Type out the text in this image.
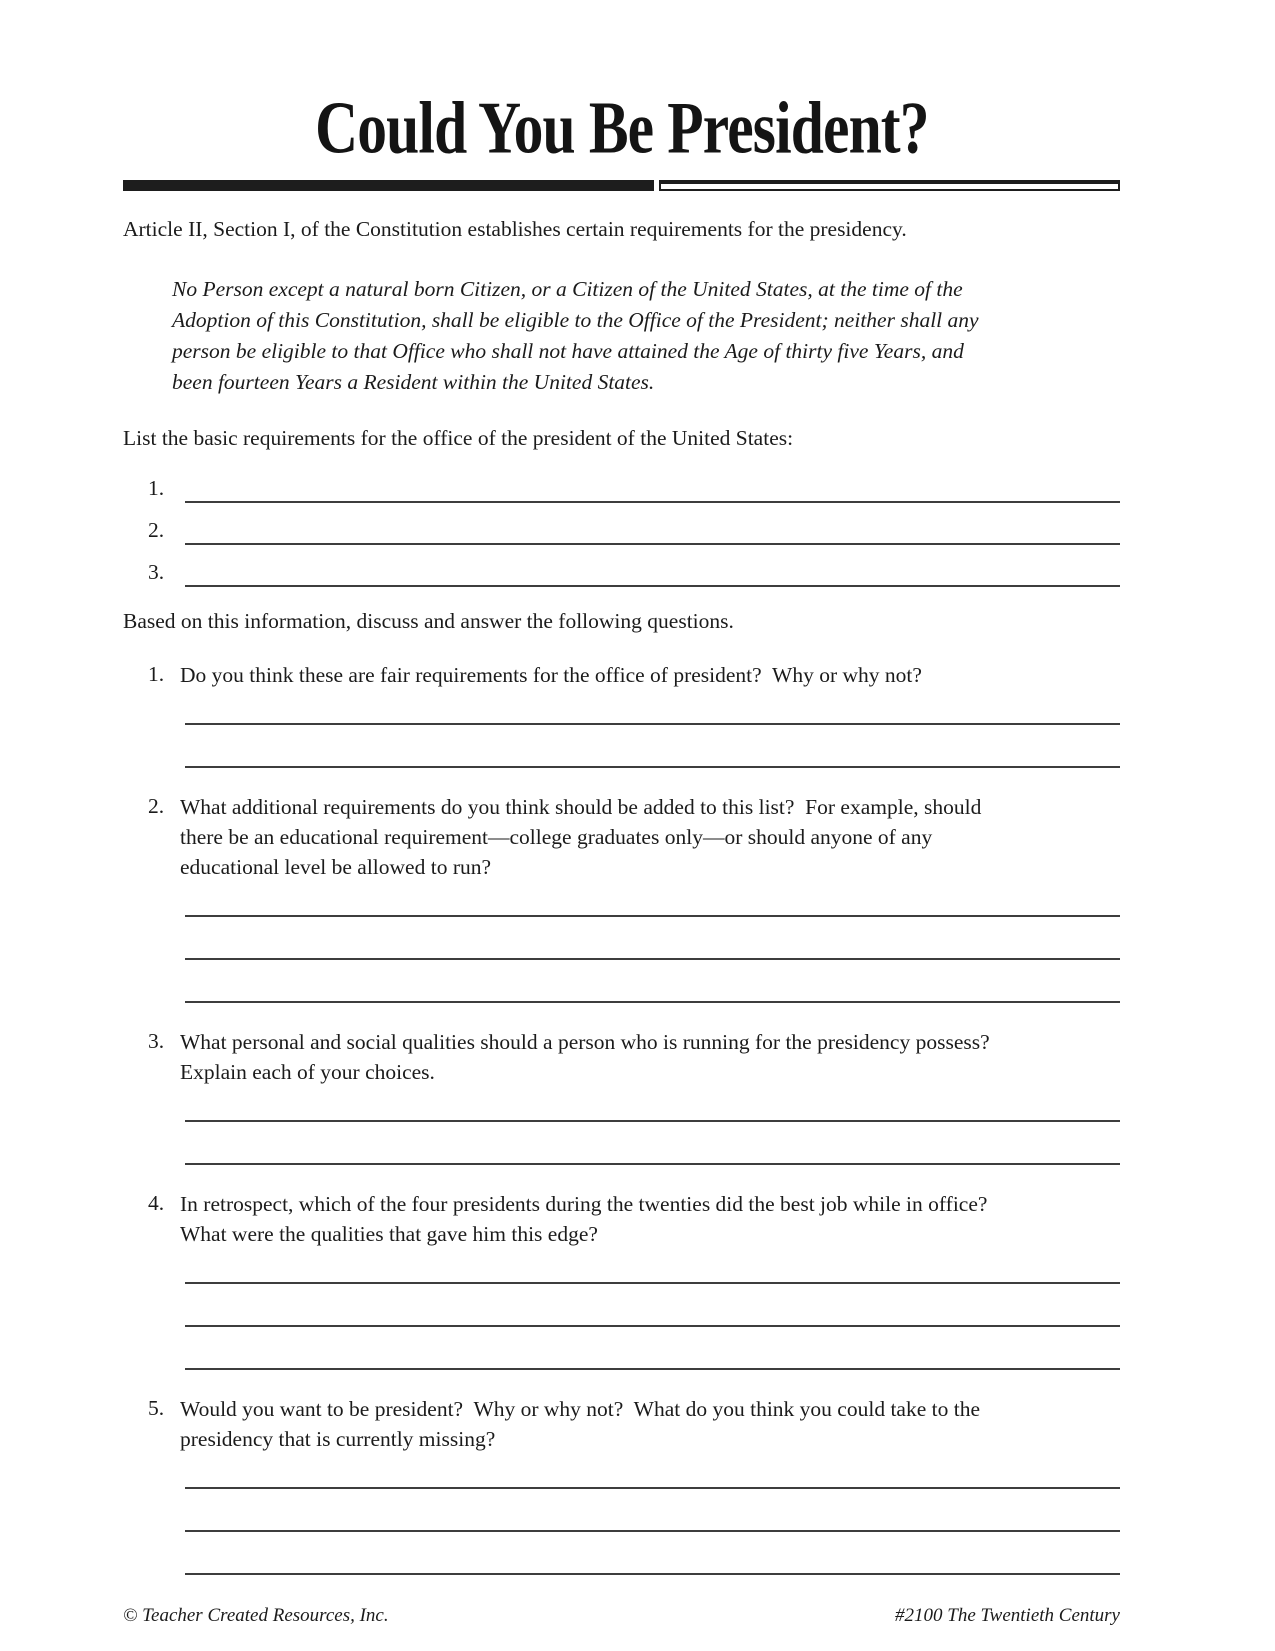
Could You Be President?
Article II, Section I, of the Constitution establishes certain requirements for the presidency.
No Person except a natural born Citizen, or a Citizen of the United States, at the time of the
Adoption of this Constitution, shall be eligible to the Office of the President; neither shall any
person be eligible to that Office who shall not have attained the Age of thirty five Years, and
been fourteen Years a Resident within the United States.
List the basic requirements for the office of the president of the United States:
1.
2.
3.
Based on this information, discuss and answer the following questions.
1. Do you think these are fair requirements for the office of president?  Why or why not?
2. What additional requirements do you think should be added to this list?  For example, should
there be an educational requirement—college graduates only—or should anyone of any
educational level be allowed to run?
3. What personal and social qualities should a person who is running for the presidency possess?
Explain each of your choices.
4. In retrospect, which of the four presidents during the twenties did the best job while in office?
What were the qualities that gave him this edge?
5. Would you want to be president?  Why or why not?  What do you think you could take to the
presidency that is currently missing?
© Teacher Created Resources, Inc.	#2100 The Twentieth Century
